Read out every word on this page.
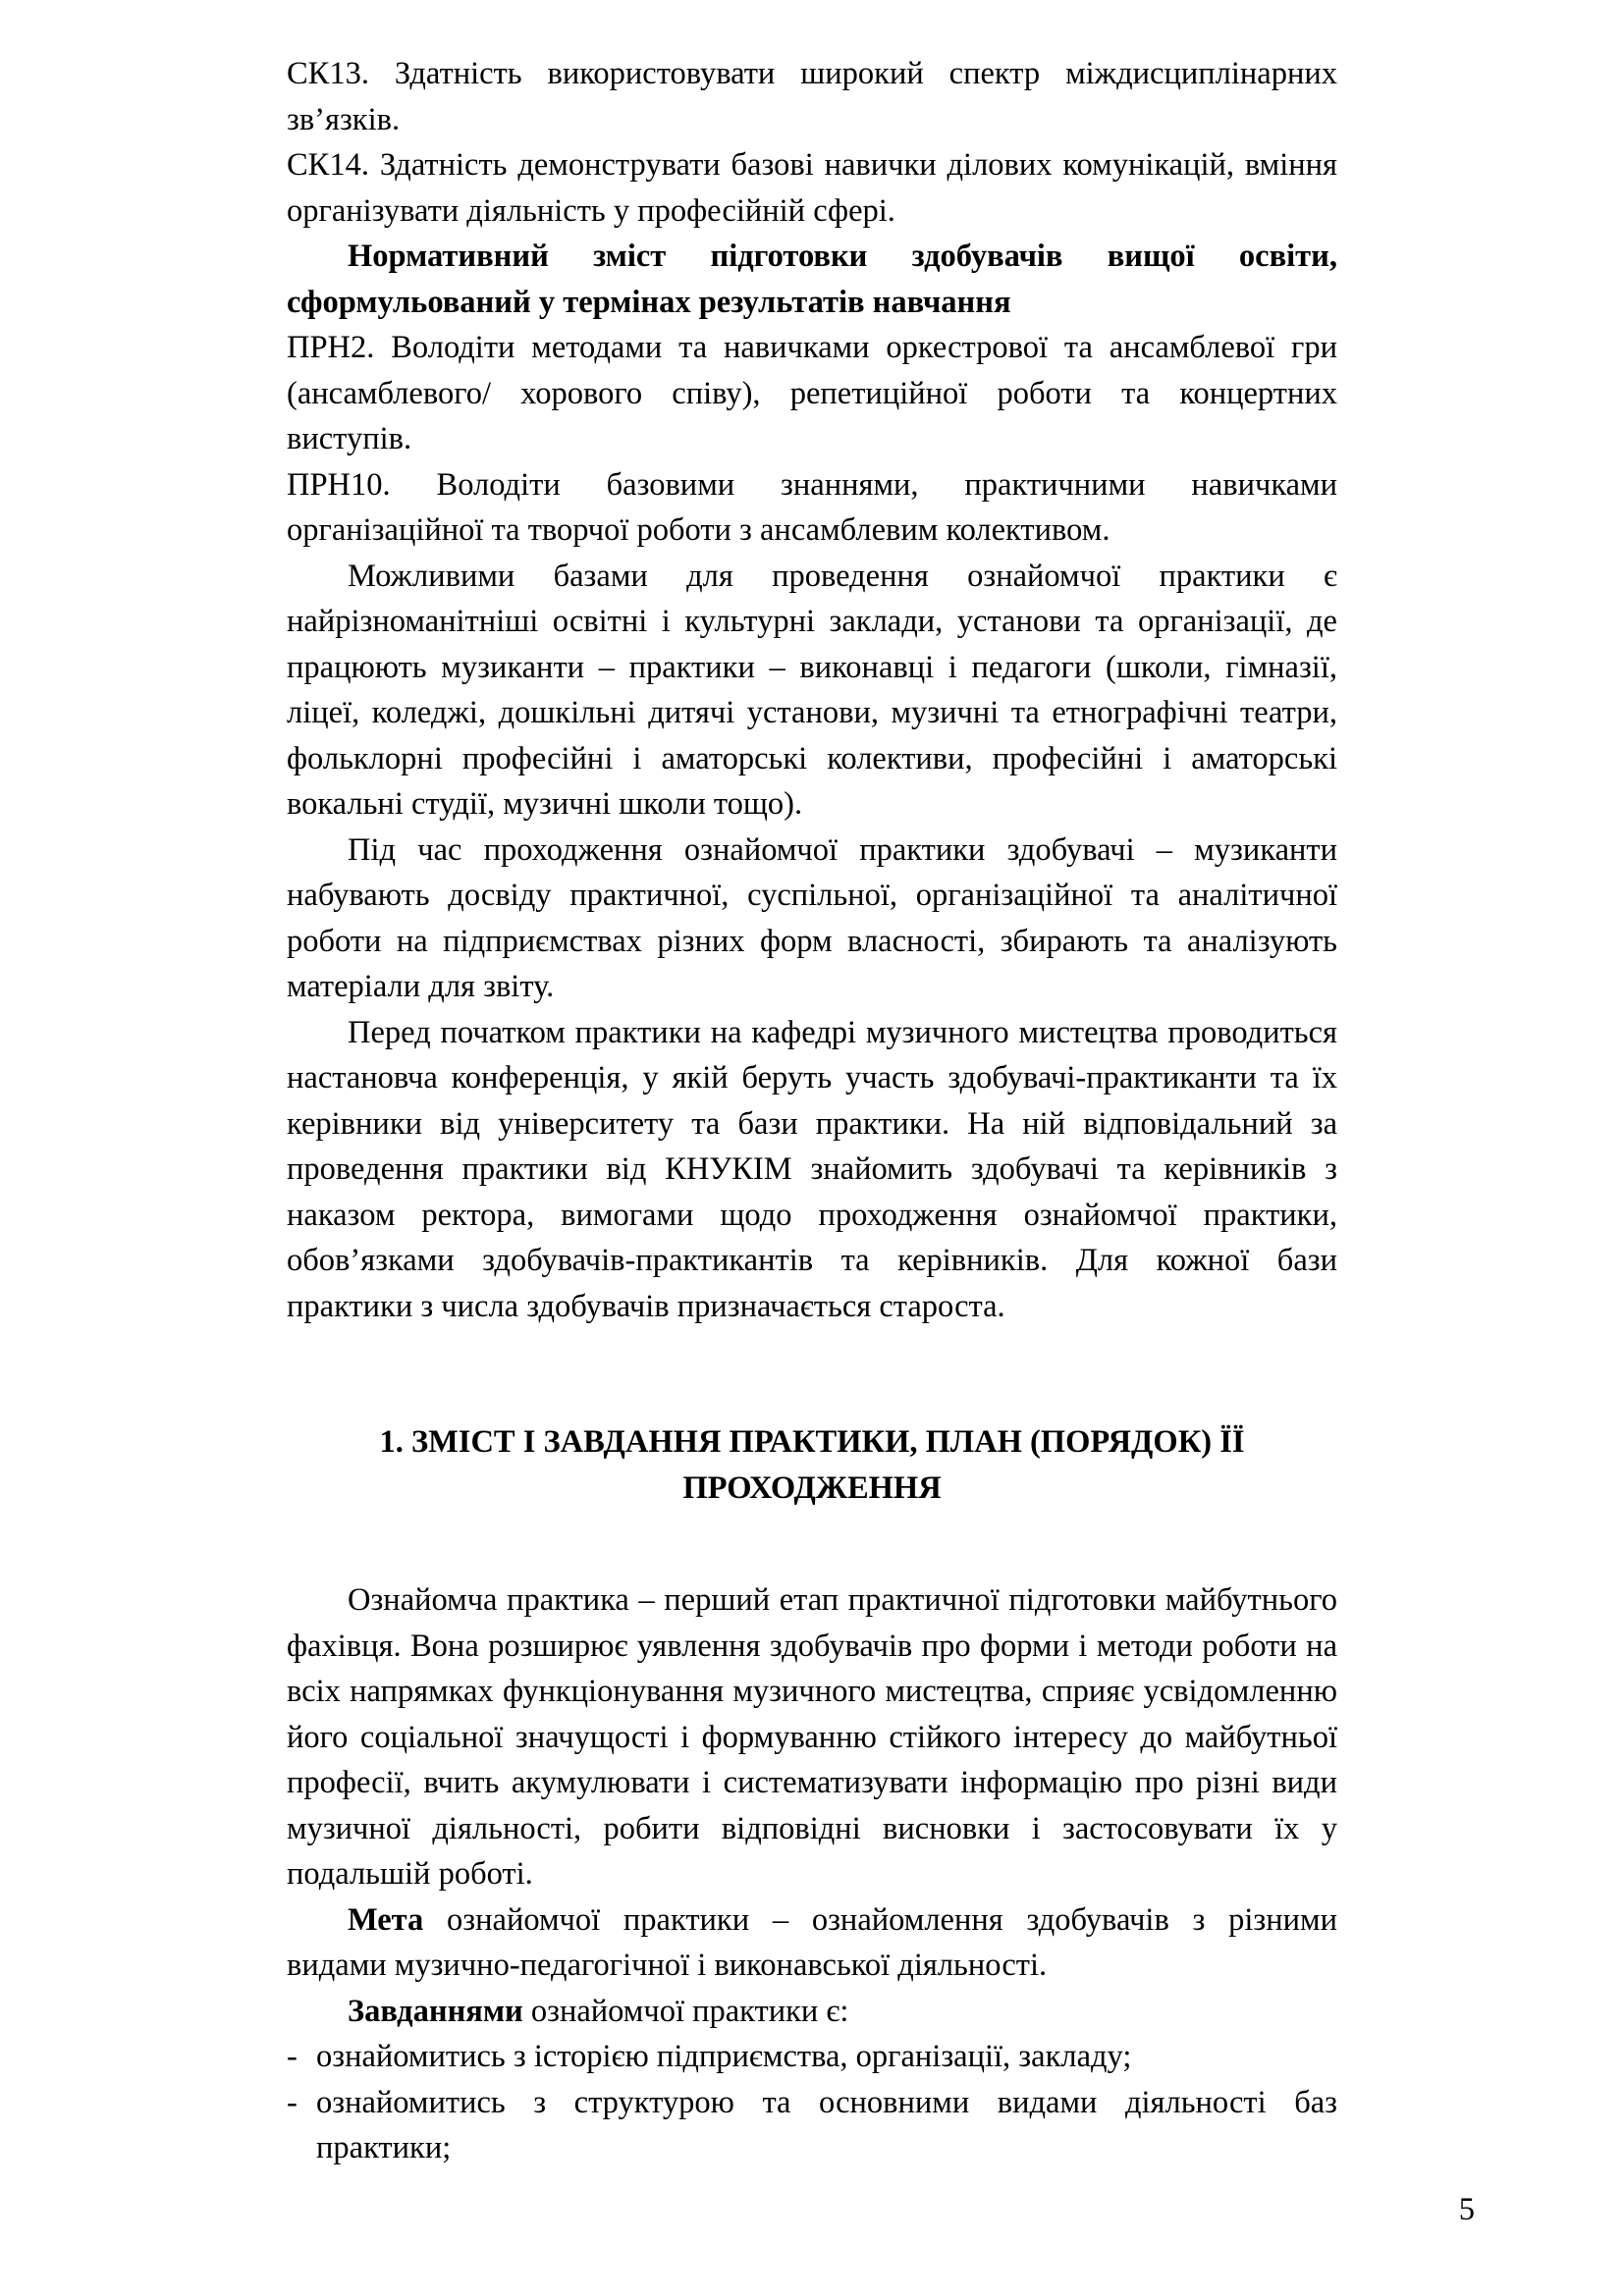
СК13. Здатність використовувати широкий спектр міждисциплінарних зв’язків.

СК14. Здатність демонструвати базові навички ділових комунікацій, вміння організувати діяльність у професійній сфері.

Нормативний зміст підготовки здобувачів вищої освіти, сформульований у термінах результатів навчання

ПРН2. Володіти методами та навичками оркестрової та ансамблевої гри (ансамблевого/ хорового співу), репетиційної роботи та концертних виступів.

ПРН10. Володіти базовими знаннями, практичними навичками організаційної та творчої роботи з ансамблевим колективом.

Можливими базами для проведення ознайомчої практики є найрізноманітніші освітні і культурні заклади, установи та організації, де працюють музиканти – практики – виконавці і педагоги (школи, гімназії, ліцеї, коледжі, дошкільні дитячі установи, музичні та етнографічні театри, фольклорні професійні і аматорські колективи, професійні і аматорські вокальні студії, музичні школи тощо).

Під час проходження ознайомчої практики здобувачі – музиканти набувають досвіду практичної, суспільної, організаційної та аналітичної роботи на підприємствах різних форм власності, збирають та аналізують матеріали для звіту.

Перед початком практики на кафедрі музичного мистецтва проводиться настановча конференція, у якій беруть участь здобувачі-практиканти та їх керівники від університету та бази практики. На ній відповідальний за проведення практики від КНУКІМ знайомить здобувачі та керівників з наказом ректора, вимогами щодо проходження ознайомчої практики, обов’язками здобувачів-практикантів та керівників. Для кожної бази практики з числа здобувачів призначається староста.

1. ЗМІСТ І ЗАВДАННЯ ПРАКТИКИ, ПЛАН (ПОРЯДОК) ЇЇ
ПРОХОДЖЕННЯ

Ознайомча практика – перший етап практичної підготовки майбутнього фахівця. Вона розширює уявлення здобувачів про форми і методи роботи на всіх напрямках функціонування музичного мистецтва, сприяє усвідомленню його соціальної значущості і формуванню стійкого інтересу до майбутньої професії, вчить акумулювати і систематизувати інформацію про різні види музичної діяльності, робити відповідні висновки і застосовувати їх у подальшій роботі.

Мета ознайомчої практики – ознайомлення здобувачів з різними видами музично-педагогічної і виконавської діяльності.

Завданнями ознайомчої практики є:

- ознайомитись з історією підприємства, організації, закладу;
- ознайомитись з структурою та основними видами діяльності баз практики;
5
